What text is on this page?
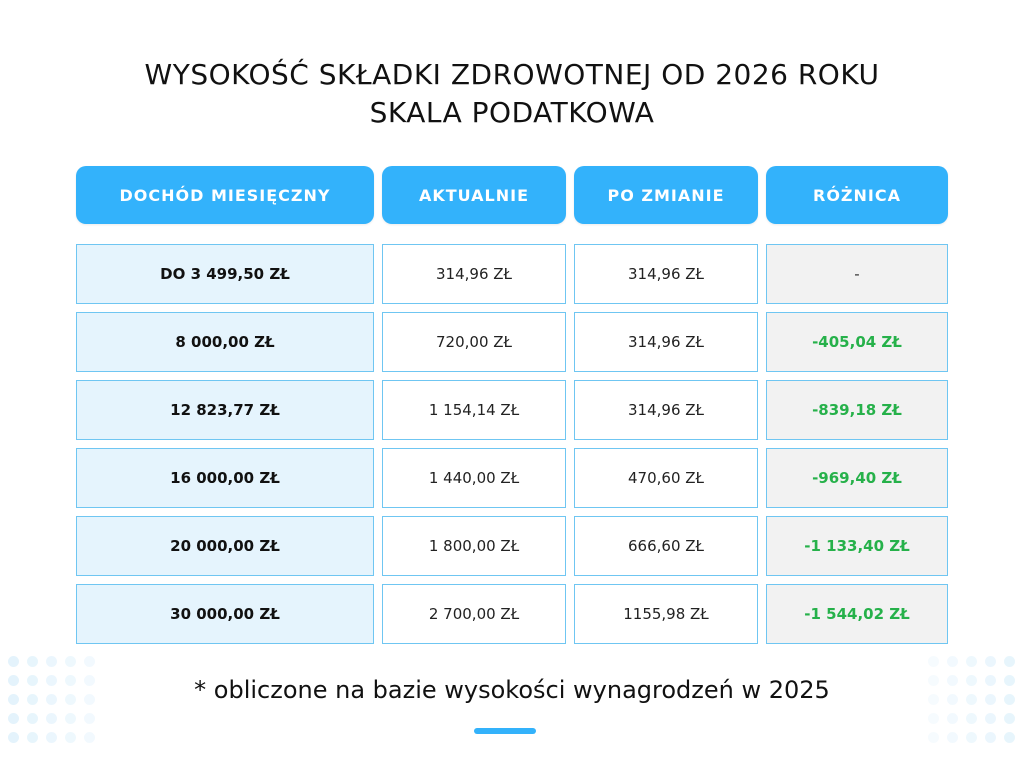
WYSOKOŚĆ SKŁADKI ZDROWOTNEJ OD 2026 ROKU
SKALA PODATKOWA
DOCHÓD MIESIĘCZNY	AKTUALNIE	PO ZMIANIE	RÓŻNICA
DO 3 499,50 ZŁ	314,96 ZŁ	314,96 ZŁ	-
8 000,00 ZŁ	720,00 ZŁ	314,96 ZŁ	-405,04 ZŁ
12 823,77 ZŁ	1 154,14 ZŁ	314,96 ZŁ	-839,18 ZŁ
16 000,00 ZŁ	1 440,00 ZŁ	470,60 ZŁ	-969,40 ZŁ
20 000,00 ZŁ	1 800,00 ZŁ	666,60 ZŁ	-1 133,40 ZŁ
30 000,00 ZŁ	2 700,00 ZŁ	1155,98 ZŁ	-1 544,02 ZŁ
* obliczone na bazie wysokości wynagrodzeń w 2025
